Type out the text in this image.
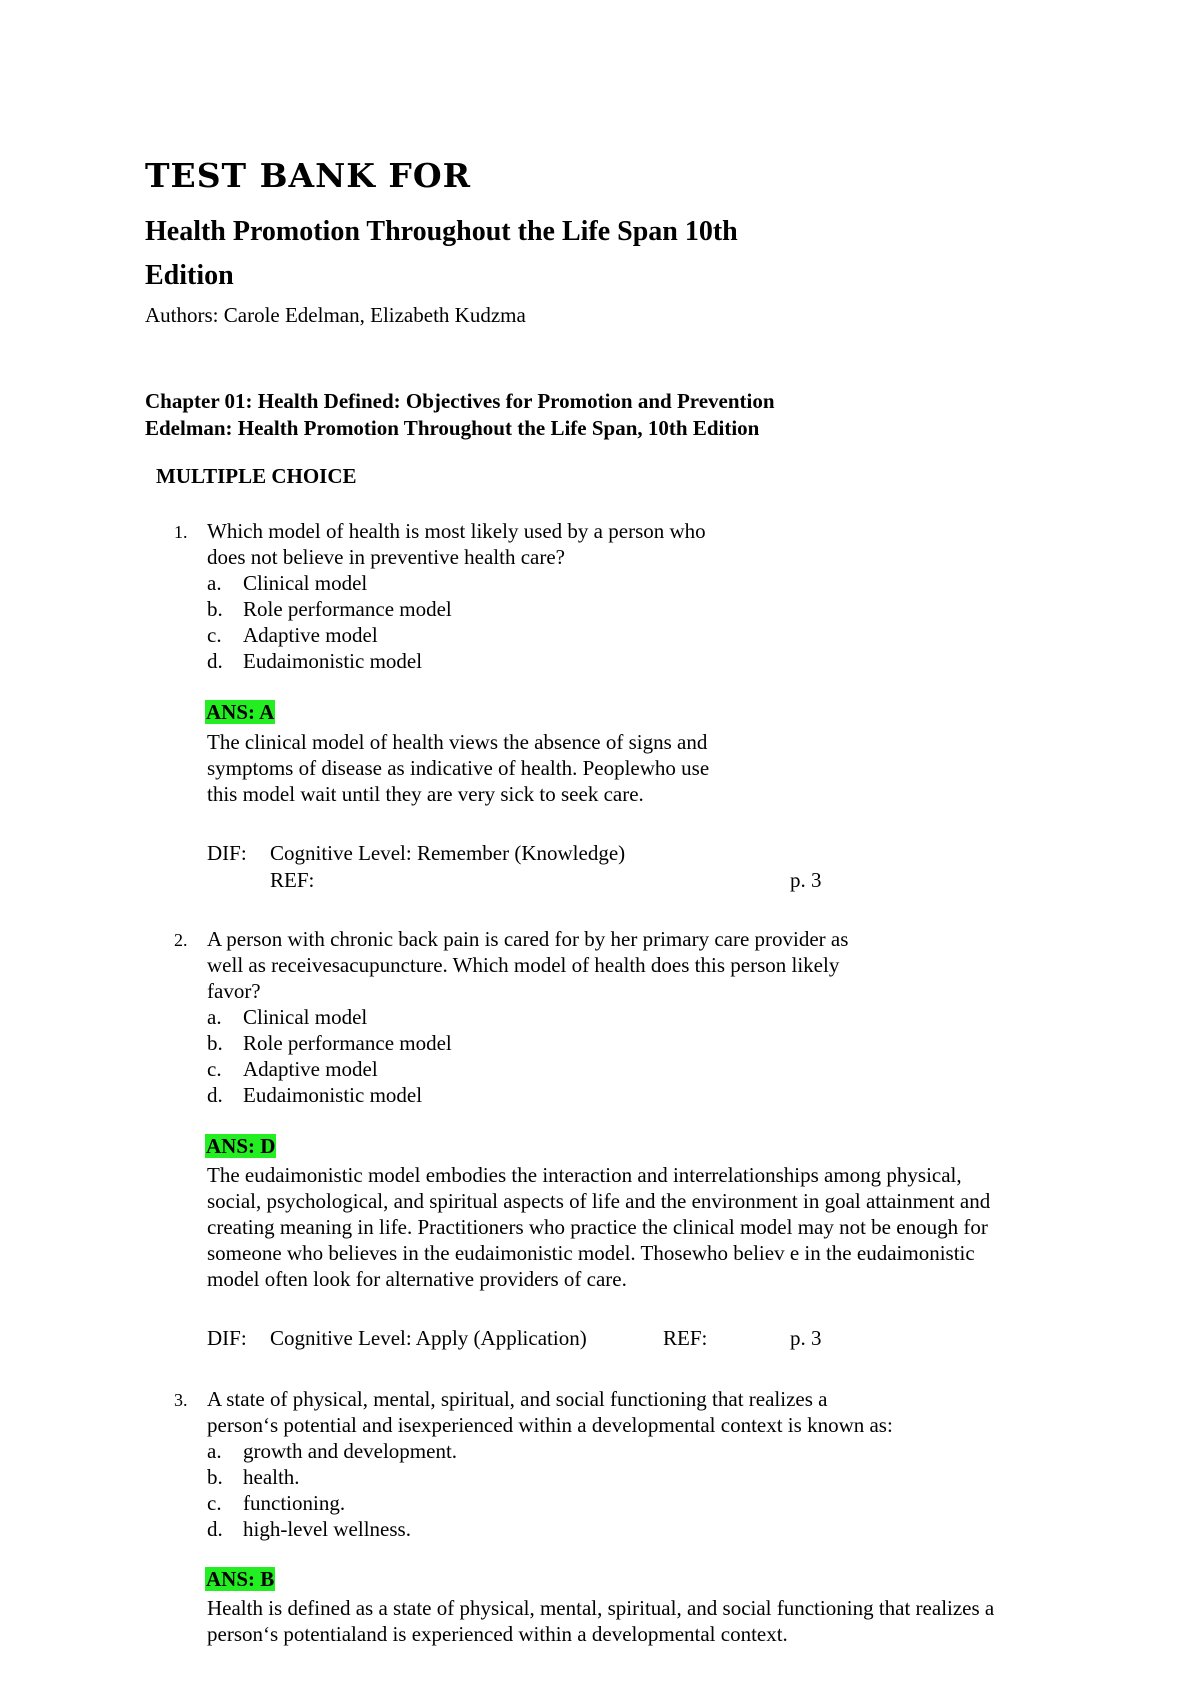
TEST BANK FOR
Health Promotion Throughout the Life Span 10th
Edition
Authors: Carole Edelman, Elizabeth Kudzma
Chapter 01: Health Defined: Objectives for Promotion and Prevention
Edelman: Health Promotion Throughout the Life Span, 10th Edition
MULTIPLE CHOICE
1. Which model of health is most likely used by a person who
does not believe in preventive health care?
a. Clinical model
b. Role performance model
c. Adaptive model
d. Eudaimonistic model
ANS: A
The clinical model of health views the absence of signs and
symptoms of disease as indicative of health. Peoplewho use
this model wait until they are very sick to seek care.
DIF: Cognitive Level: Remember (Knowledge)
REF:	p. 3
2. A person with chronic back pain is cared for by her primary care provider as
well as receivesacupuncture. Which model of health does this person likely
favor?
a. Clinical model
b. Role performance model
c. Adaptive model
d. Eudaimonistic model
ANS: D
The eudaimonistic model embodies the interaction and interrelationships among physical,
social, psychological, and spiritual aspects of life and the environment in goal attainment and
creating meaning in life. Practitioners who practice the clinical model may not be enough for
someone who believes in the eudaimonistic model. Thosewho believ e in the eudaimonistic
model often look for alternative providers of care.
DIF: Cognitive Level: Apply (Application)	REF:	p. 3
3. A state of physical, mental, spiritual, and social functioning that realizes a
person‘s potential and isexperienced within a developmental context is known as:
a. growth and development.
b. health.
c. functioning.
d. high-level wellness.
ANS: B
Health is defined as a state of physical, mental, spiritual, and social functioning that realizes a
person‘s potentialand is experienced within a developmental context.
